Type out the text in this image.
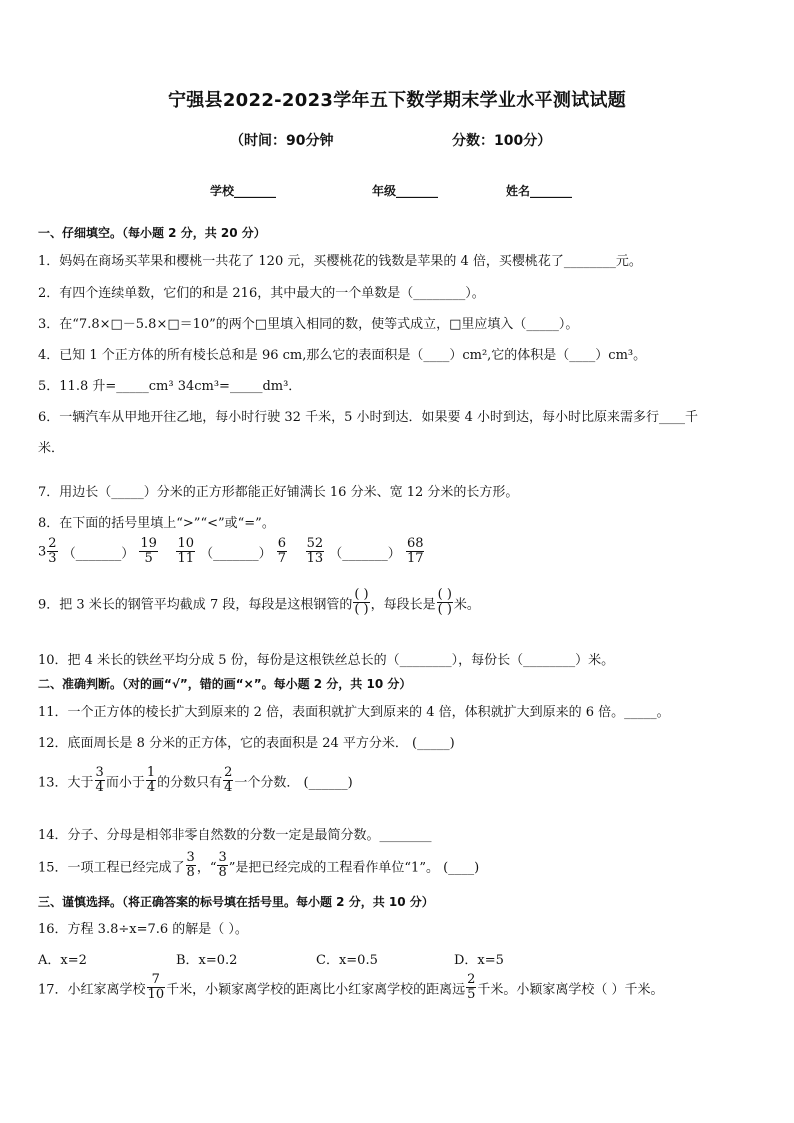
宁强县2022-2023学年五下数学期末学业水平测试试题
（时间：90分钟	分数：100分）
学校_______	年级_______	姓名_______
一、仔细填空。（每小题 2 分，共 20 分）
1．妈妈在商场买苹果和樱桃一共花了 120 元，买樱桃花的钱数是苹果的 4 倍，买樱桃花了________元。
2．有四个连续单数，它们的和是 216，其中最大的一个单数是（________）。
3．在“7.8×□－5.8×□＝10”的两个□里填入相同的数，使等式成立，□里应填入（_____）。
4．已知 1 个正方体的所有棱长总和是 96 cm,那么它的表面积是（____）cm²,它的体积是（____）cm³。
5．11.8 升=_____cm³ 34cm³=_____dm³．
6．一辆汽车从甲地开往乙地，每小时行驶 32 千米，5 小时到达．如果要 4 小时到达，每小时比原来需多行____千
米．
7．用边长（_____）分米的正方形都能正好铺满长 16 分米、宽 12 分米的长方形。
8．在下面的括号里填上“>”“<”或“=”。
$3 \frac{2}{3}$ （_______） $\frac{19}{5}$
$\frac{10}{11}$ （_______） $\frac{6}{7}$
$\frac{52}{13}$ （_______） $\frac{68}{17}$
9．把 3 米长的钢管平均截成 7 段，每段是这根钢管的 $\frac{( )}{( )}$ ，每段长是 $\frac{( )}{( )}$ 米。
10．把 4 米长的铁丝平均分成 5 份，每份是这根铁丝总长的（________），每份长（________）米。
二、准确判断。（对的画“√”，错的画“×”。每小题 2 分，共 10 分）
11．一个正方体的棱长扩大到原来的 2 倍，表面积就扩大到原来的 4 倍，体积就扩大到原来的 6 倍。_____。
12．底面周长是 8 分米的正方体，它的表面积是 24 平方分米． (_____)
13．大于 $\frac{3}{4}$ 而小于 $\frac{1}{4}$ 的分数只有 $\frac{2}{4}$ 一个分数． (______)
14．分子、分母是相邻非零自然数的分数一定是最简分数。________
15．一项工程已经完成了 $\frac{3}{8}$ ，“ $\frac{3}{8}$ ”是把已经完成的工程看作单位“1”。 (____)
三、谨慎选择。（将正确答案的标号填在括号里。每小题 2 分，共 10 分）
16．方程 3.8÷x=7.6 的解是（ ）。
A．x=2	B．x=0.2	C．x=0.5	D．x=5
17．小红家离学校 $\frac{7}{10}$ 千米，小颖家离学校的距离比小红家离学校的距离远 $\frac{2}{5}$ 千米。小颖家离学校（ ）千米。
